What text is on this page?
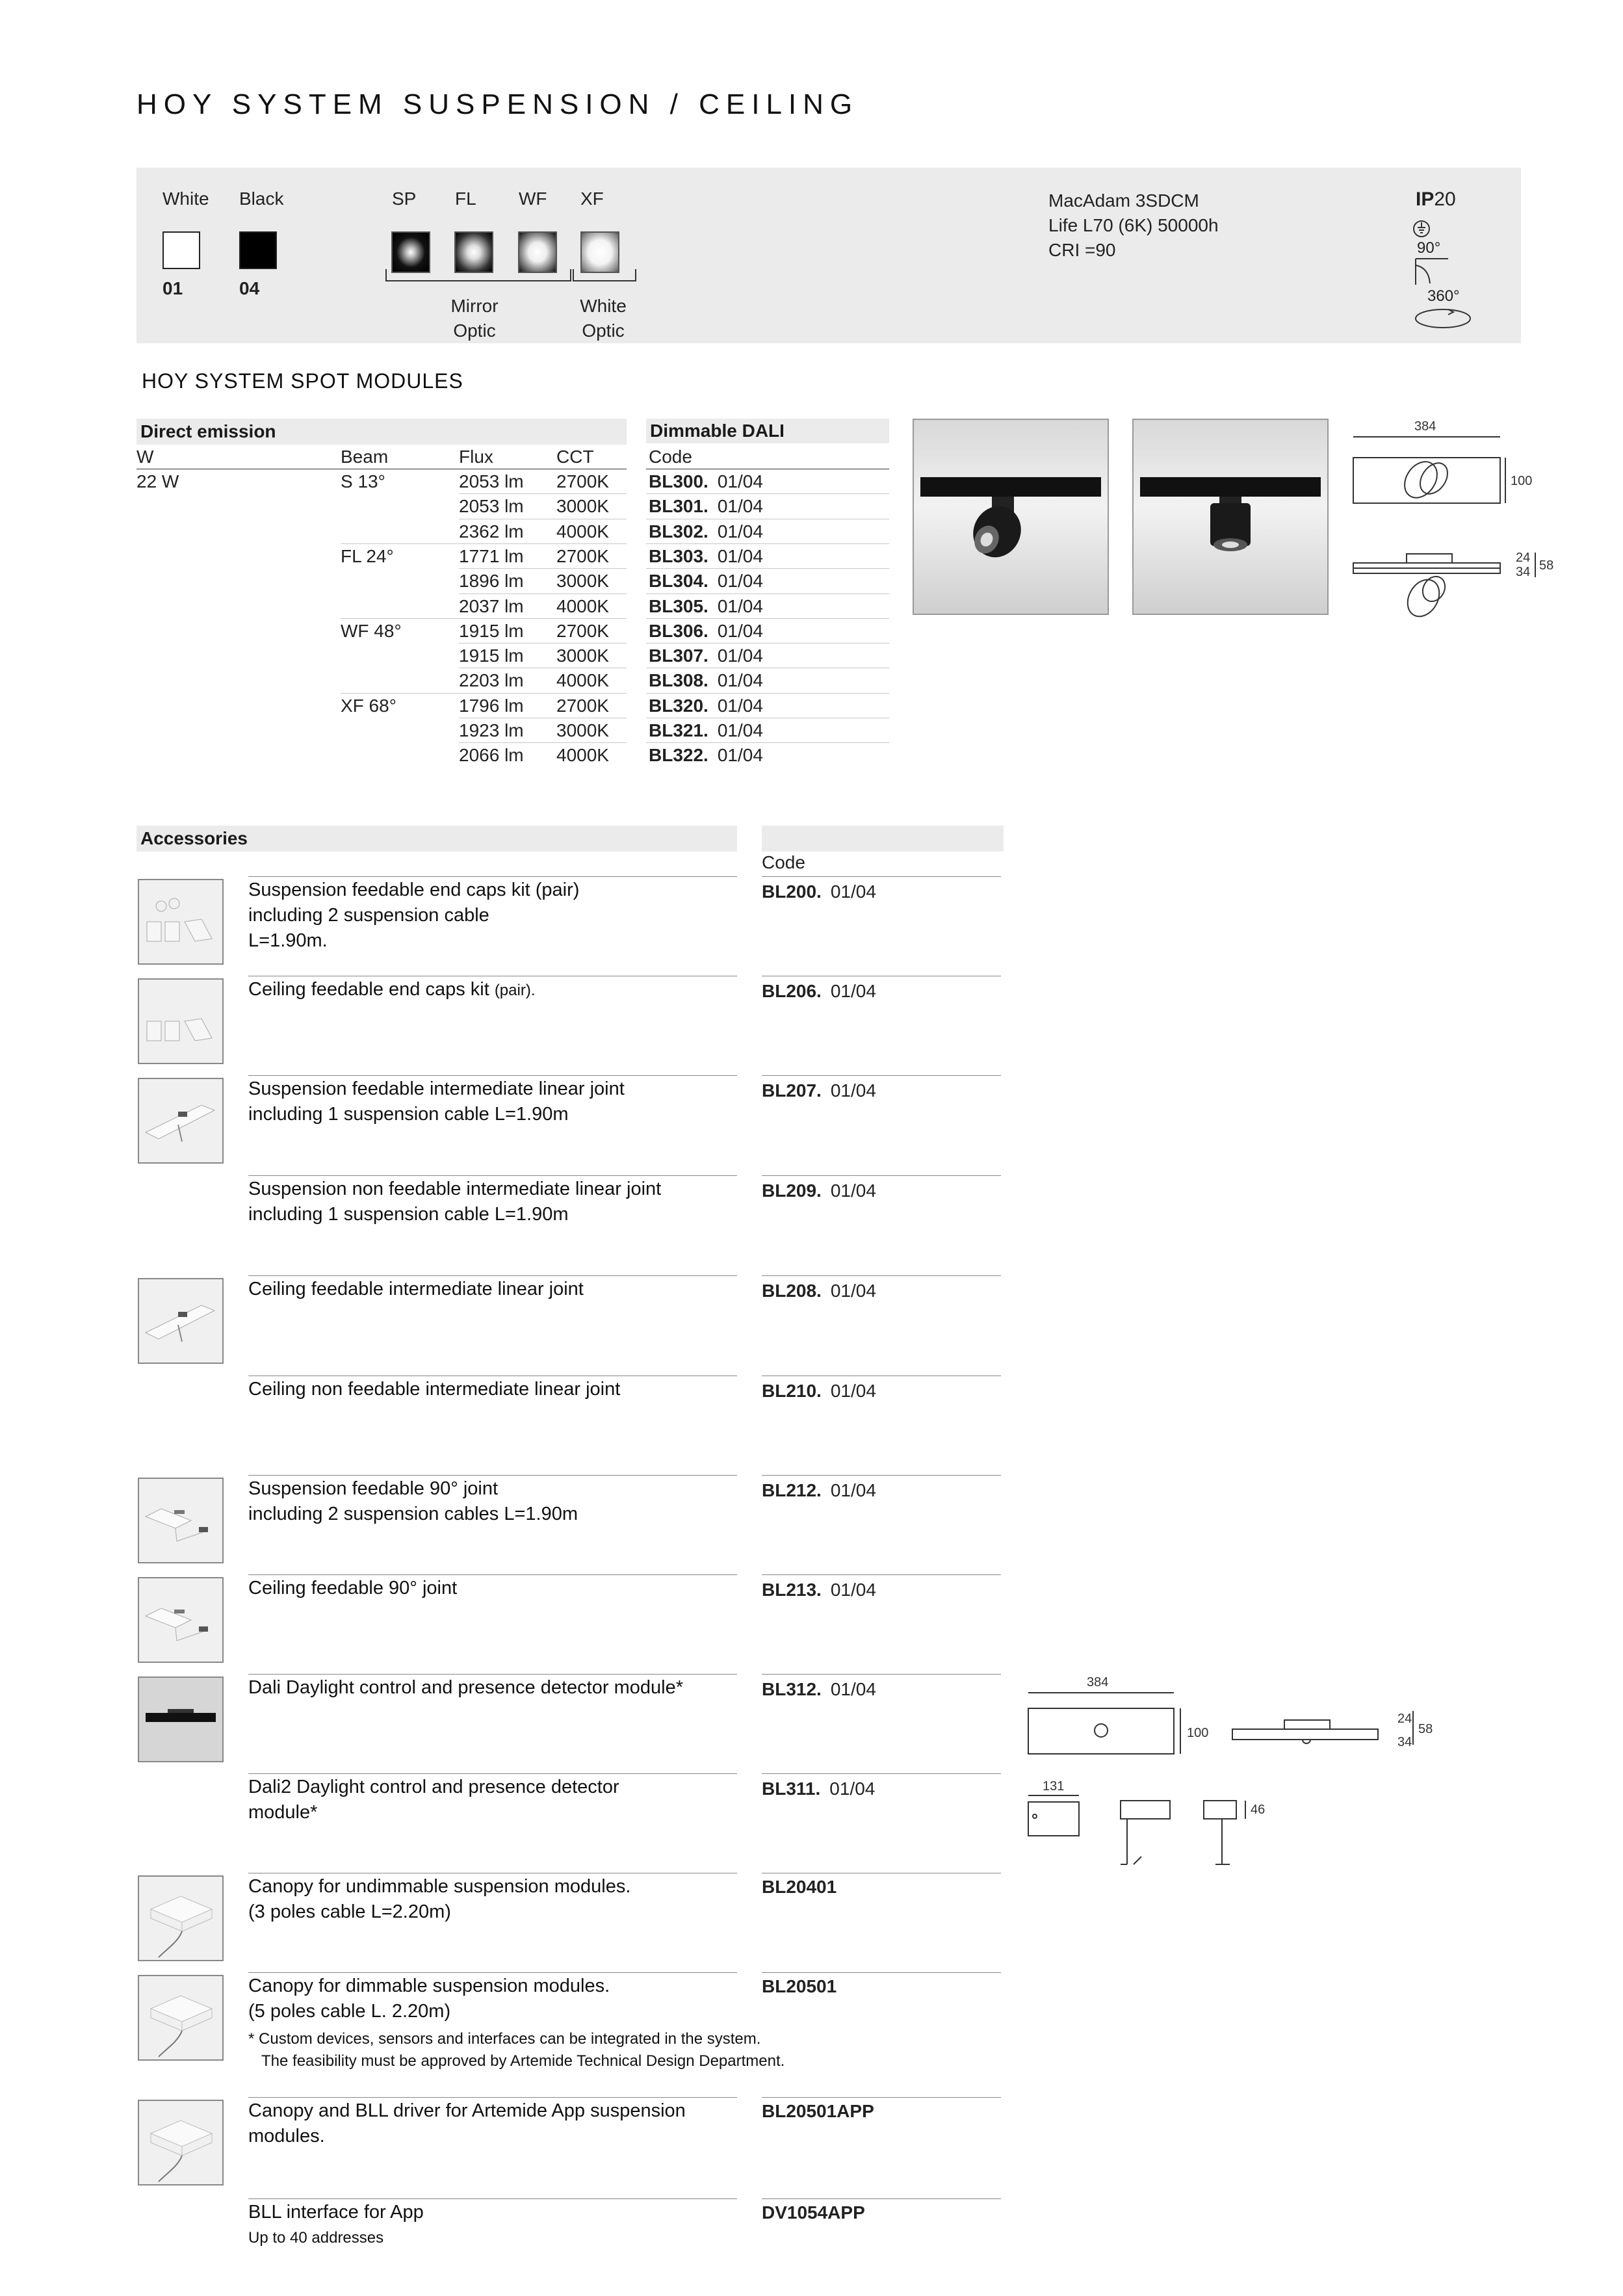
HOY SYSTEM SUSPENSION / CEILING
White Black
01	04
SP FL WF XF
Mirror
Optic
White
Optic
MacAdam 3SDCM
Life L70 (6K) 50000h
CRI =90
IP20
90°
360°
HOY SYSTEM SPOT MODULES
Direct emission	Dimmable DALI
W	Beam	Flux	CCT	Code
22 W	S 13°	2053 lm 2700K BL300. 01/04
2053 lm 3000K BL301. 01/04
2362 lm 4000K BL302. 01/04
FL 24°	1771 lm 2700K BL303. 01/04
1896 lm 3000K BL304. 01/04
2037 lm 4000K BL305. 01/04
WF 48°	1915 lm 2700K BL306. 01/04
1915 lm 3000K BL307. 01/04
2203 lm 4000K BL308. 01/04
XF 68°	1796 lm 2700K BL320. 01/04
1923 lm 3000K BL321. 01/04
2066 lm 4000K BL322. 01/04
384
100
24
34 58
Accessories
Code
Suspension feedable end caps kit (pair)
including 2 suspension cable
L=1.90m.
BL200. 01/04
Ceiling feedable end caps kit (pair).	BL206. 01/04
Suspension feedable intermediate linear joint
including 1 suspension cable L=1.90m
BL207. 01/04
Suspension non feedable intermediate linear joint
including 1 suspension cable L=1.90m
BL209. 01/04
Ceiling feedable intermediate linear joint	BL208. 01/04
Ceiling non feedable intermediate linear joint	BL210. 01/04
Suspension feedable 90° joint
including 2 suspension cables L=1.90m
BL212. 01/04
Ceiling feedable 90° joint	BL213. 01/04
Dali Daylight control and presence detector module*	BL312. 01/04
Dali2 Daylight control and presence detector
module*
BL311. 01/04
Canopy for undimmable suspension modules.
(3 poles cable L=2.20m)
BL20401
Canopy for dimmable suspension modules.
(5 poles cable L. 2.20m)
BL20501
Canopy and BLL driver for Artemide App suspension
modules.
BL20501APP
BLL interface for App
Up to 40 addresses
DV1054APP
* Custom devices, sensors and interfaces can be integrated in the system.
The feasibility must be approved by Artemide Technical Design Department.
384
100
24
34
58
131
46
